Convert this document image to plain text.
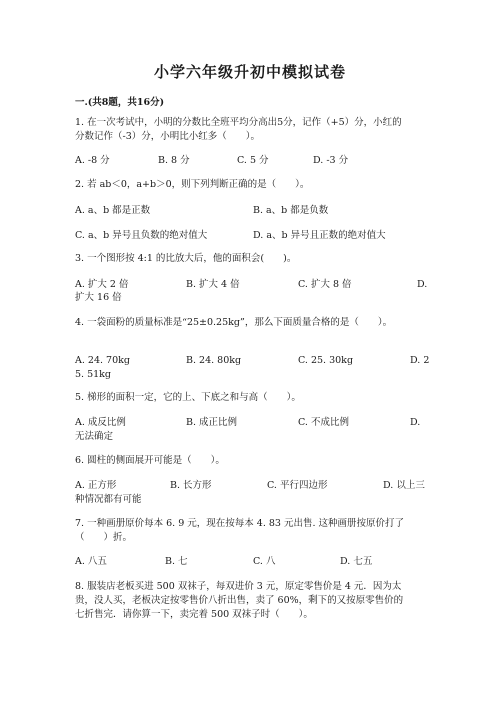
小学六年级升初中模拟试卷
一.(共8题，共16分)
1. 在一次考试中，小明的分数比全班平均分高出5分，记作（+5）分，小红的
分数记作（-3）分，小明比小红多（　　）。
A. -8 分	B. 8 分	C. 5 分	D. -3 分
2. 若 ab＜0，a+b＞0，则下列判断正确的是（　　）。
A. a、b 都是正数	B. a、b 都是负数
C. a、b 异号且负数的绝对值大	D. a、b 异号且正数的绝对值大
3. 一个图形按 4:1 的比放大后，他的面积会(　　)。
A. 扩大 2 倍	B. 扩大 4 倍	C. 扩大 8 倍	D.
扩大 16 倍
4. 一袋面粉的质量标准是“25±0.25kg”，那么下面质量合格的是（　　）。
A. 24. 70kg	B. 24. 80kg	C. 25. 30kg	D. 2
5. 51kg
5. 梯形的面积一定，它的上、下底之和与高（　　）。
A. 成反比例	B. 成正比例	C. 不成比例	D.
无法确定
6. 圆柱的侧面展开可能是（　　）。
A. 正方形	B. 长方形	C. 平行四边形	D. 以上三
种情况都有可能
7. 一种画册原价每本 6. 9 元，现在按每本 4. 83 元出售. 这种画册按原价打了
（　　）折。
A. 八五	B. 七	C. 八	D. 七五
8. 服装店老板买进 500 双袜子，每双进价 3 元，原定零售价是 4 元．因为太
贵，没人买，老板决定按零售价八折出售，卖了 60%，剩下的又按原零售价的
七折售完．请你算一下，卖完着 500 双袜子时（　　）。
